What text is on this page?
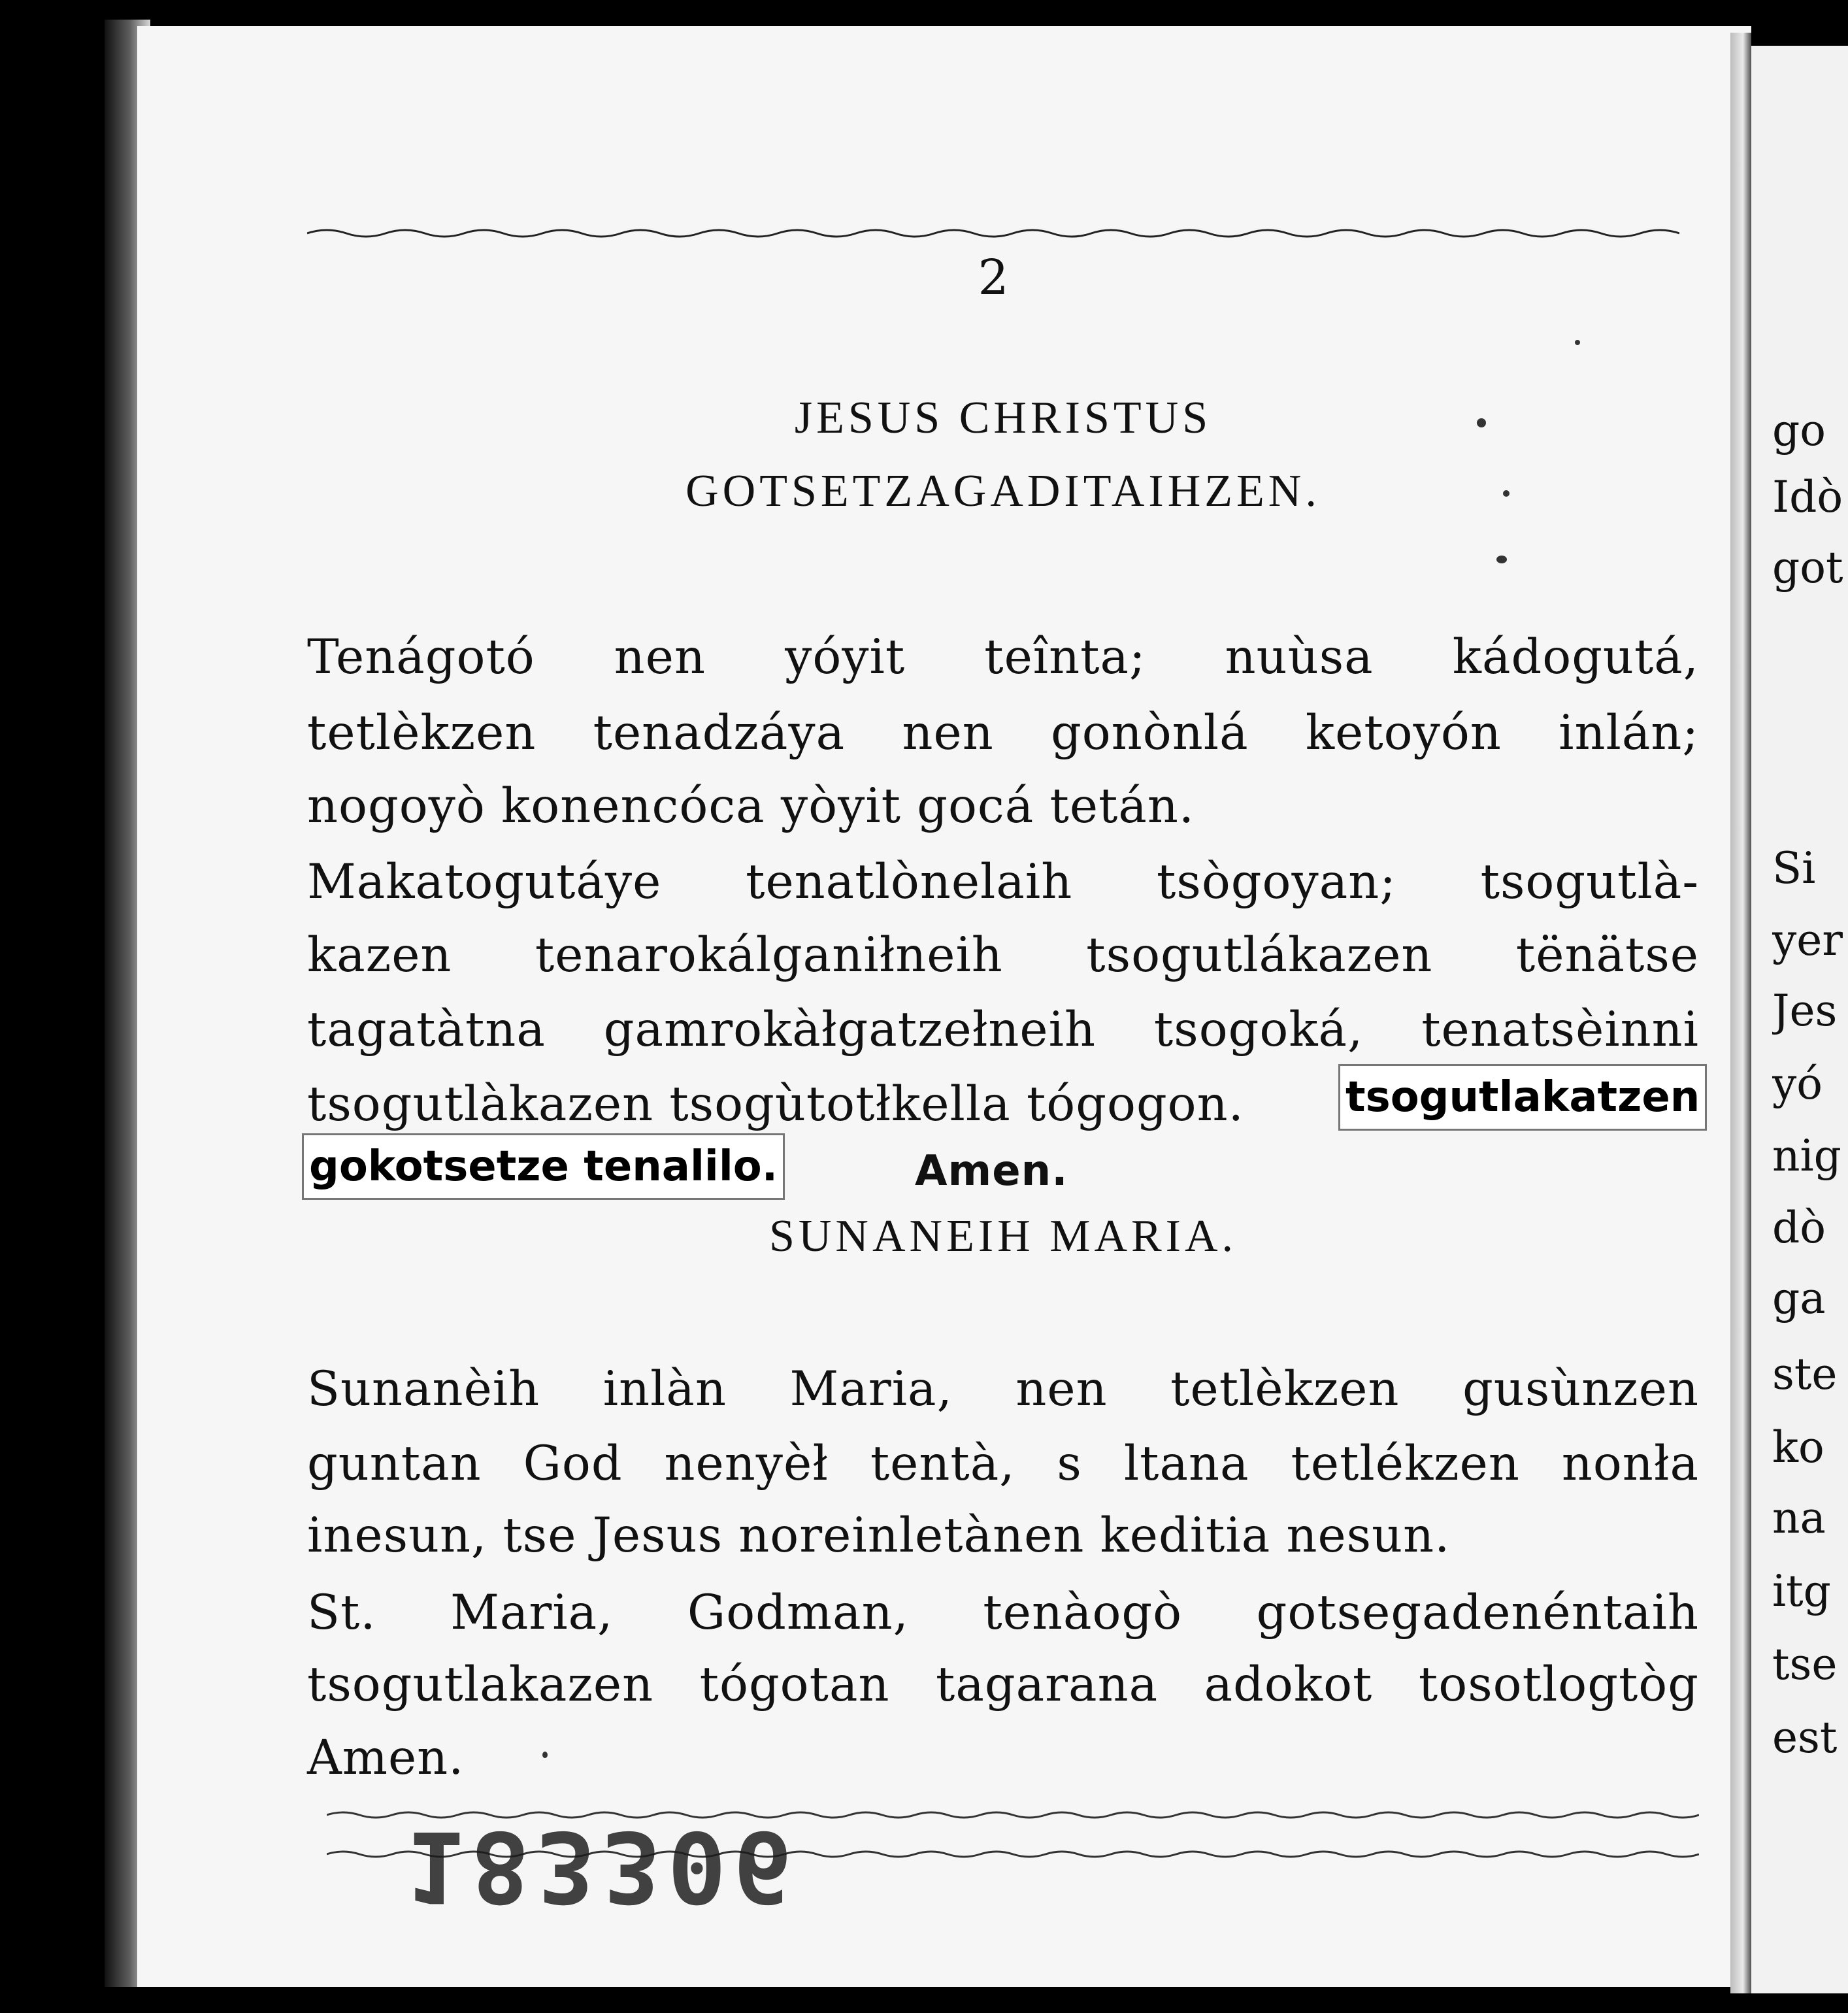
2
JESUS CHRISTUS
GOTSETZAGADITAIHZEN.
Tenágotó nen yóyit teînta; nuùsa kádogutá,
tetlèkzen tenadzáya nen gonònlá ketoyón inlán;
nogoyò konencóca yòyit gocá tetán.
Makatogutáye tenatlònelaih tsògoyan; tsogutlà-
kazen tenarokálganiłneih tsogutlákazen tënätse
tagatàtna gamrokàłgatzełneih tsogoká, tenatsèinni
tsogutlàkazen tsogùtotłkella tógogon.	tsogutlakatzen
gokotsetze tenalilo.	Amen.
SUNANEIH MARIA.
Sunanèih inlàn Maria, nen tetlèkzen gusùnzen
guntan God nenyèł tentà, s ltana tetlékzen nonła
inesun, tse Jesus noreinletànen keditia nesun.
St. Maria, Godman, tenàogò gotsegadenéntaih
tsogutlakazen tógotan tagarana adokot tosotlogtòg
Amen.
183306
go
Idò
got
Si
yer
Jes
yó
nig
dò
ga
ste
ko
na
itg
tse
est
